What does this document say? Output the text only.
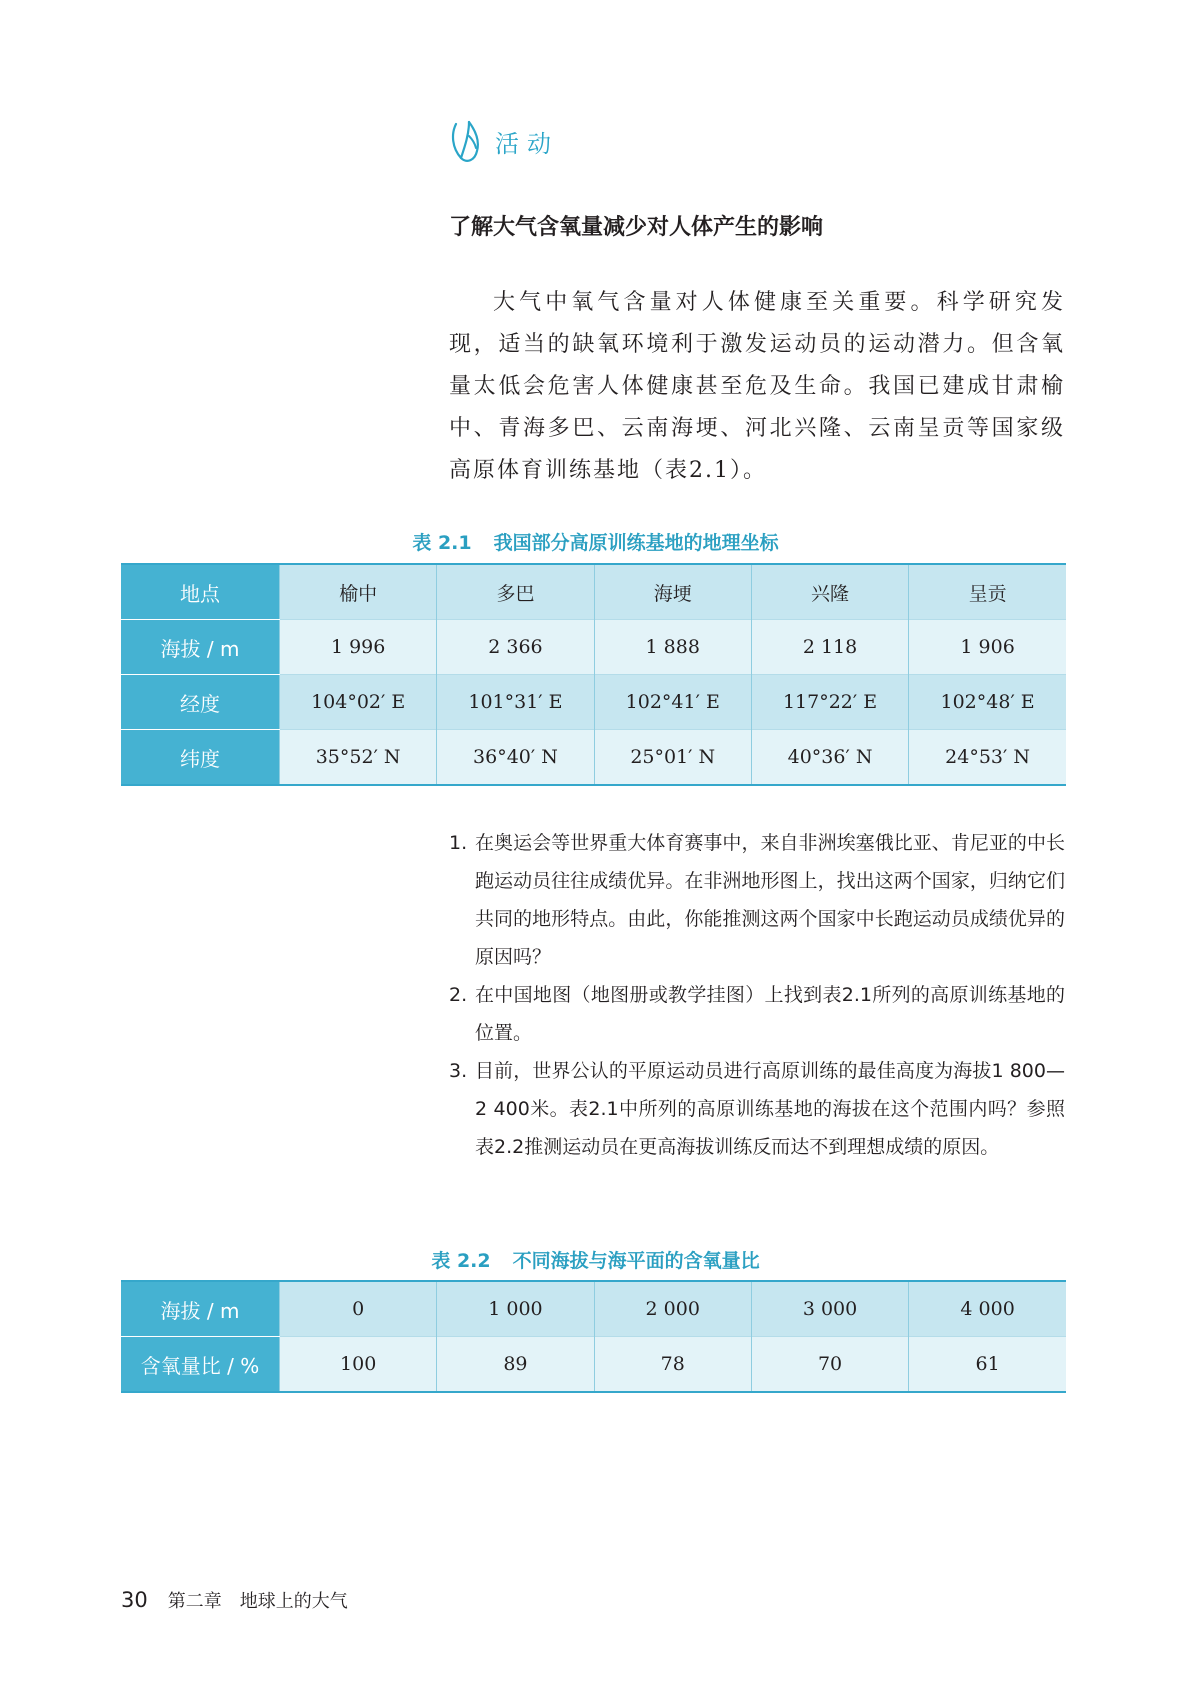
活动
了解大气含氧量减少对人体产生的影响

大气中氧气含量对人体健康至关重要。科学研究发现，适当的缺氧环境利于激发运动员的运动潜力。但含氧量太低会危害人体健康甚至危及生命。我国已建成甘肃榆中、青海多巴、云南海埂、河北兴隆、云南呈贡等国家级高原体育训练基地（表2.1）。

表 2.1 我国部分高原训练基地的地理坐标
地点	榆中	多巴	海埂	兴隆	呈贡
海拔 / m	1 996	2 366	1 888	2 118	1 906
经度	104°02′ E	101°31′ E	102°41′ E	117°22′ E	102°48′ E
纬度	35°52′ N	36°40′ N	25°01′ N	40°36′ N	24°53′ N
1. 在奥运会等世界重大体育赛事中，来自非洲埃塞俄比亚、肯尼亚的中长跑运动员往往成绩优异。在非洲地形图上，找出这两个国家，归纳它们共同的地形特点。由此，你能推测这两个国家中长跑运动员成绩优异的原因吗？
2. 在中国地图（地图册或教学挂图）上找到表2.1所列的高原训练基地的位置。
3. 目前，世界公认的平原运动员进行高原训练的最佳高度为海拔1 800—2 400米。表2.1中所列的高原训练基地的海拔在这个范围内吗？参照表2.2推测运动员在更高海拔训练反而达不到理想成绩的原因。
表 2.2 不同海拔与海平面的含氧量比
海拔 / m	0	1 000	2 000	3 000	4 000
含氧量比 / %	100	89	78	70	61
30 第二章　地球上的大气
